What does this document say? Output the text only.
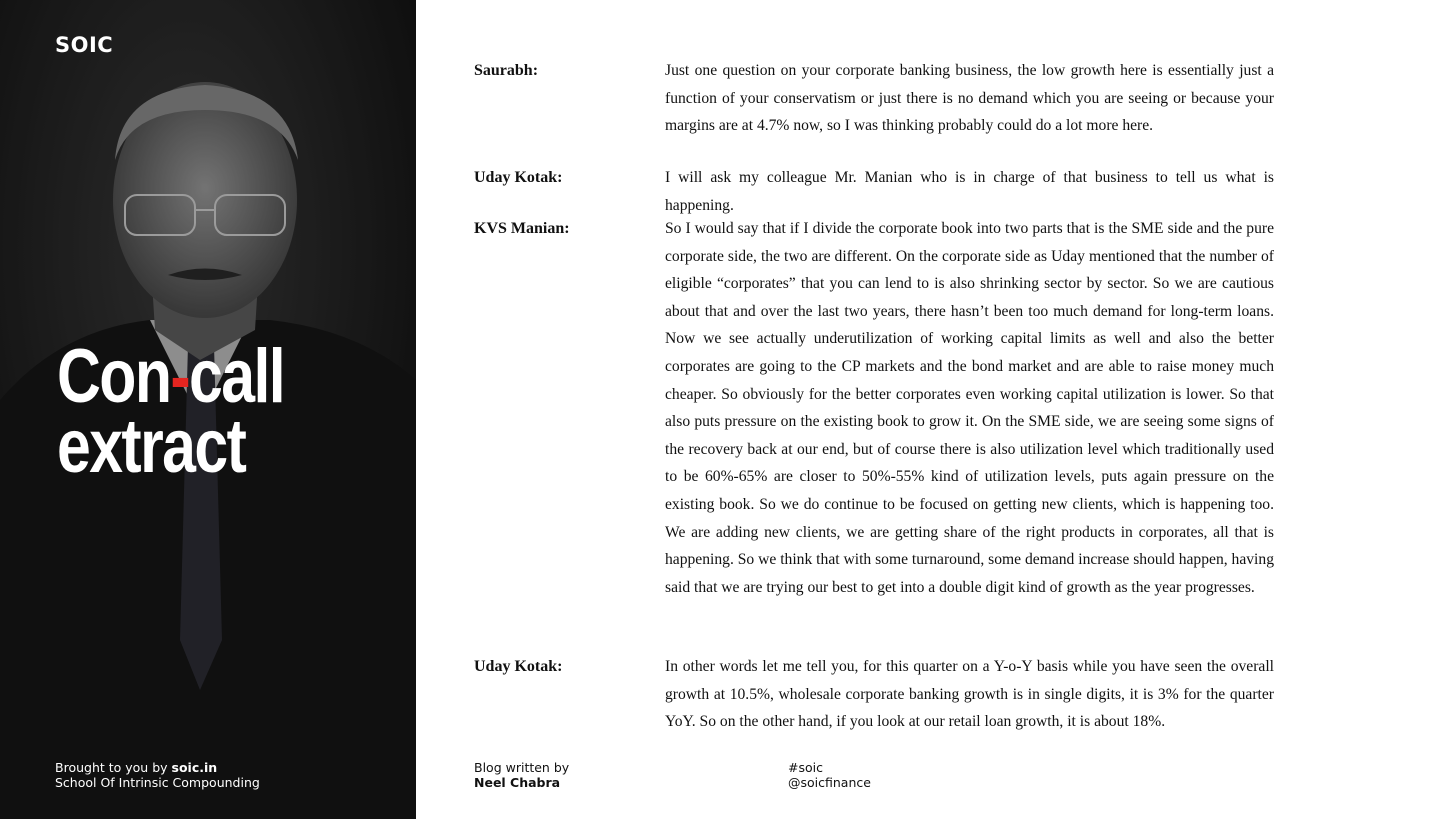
SOIC
Con-call
extract
Brought to you by soic.in
School Of Intrinsic Compounding
Saurabh:	Just one question on your corporate banking business, the low growth here is essentially just a function of your conservatism or just there is no demand which you are seeing or because your margins are at 4.7% now, so I was thinking probably could do a lot more here.
Uday Kotak:	I will ask my colleague Mr. Manian who is in charge of that business to tell us what is happening.
KVS Manian:	So I would say that if I divide the corporate book into two parts that is the SME side and the pure corporate side, the two are different. On the corporate side as Uday mentioned that the number of eligible “corporates” that you can lend to is also shrinking sector by sector. So we are cautious about that and over the last two years, there hasn’t been too much demand for long-term loans. Now we see actually underutilization of working capital limits as well and also the better corporates are going to the CP markets and the bond market and are able to raise money much cheaper. So obviously for the better corporates even working capital utilization is lower. So that also puts pressure on the existing book to grow it. On the SME side, we are seeing some signs of the recovery back at our end, but of course there is also utilization level which traditionally used to be 60%-65% are closer to 50%-55% kind of utilization levels, puts again pressure on the existing book. So we do continue to be focused on getting new clients, which is happening too. We are adding new clients, we are getting share of the right products in corporates, all that is happening. So we think that with some turnaround, some demand increase should happen, having said that we are trying our best to get into a double digit kind of growth as the year progresses.
Uday Kotak:	In other words let me tell you, for this quarter on a Y-o-Y basis while you have seen the overall growth at 10.5%, wholesale corporate banking growth is in single digits, it is 3% for the quarter YoY. So on the other hand, if you look at our retail loan growth, it is about 18%.
Blog written by
Neel Chabra
#soic
@soicfinance
